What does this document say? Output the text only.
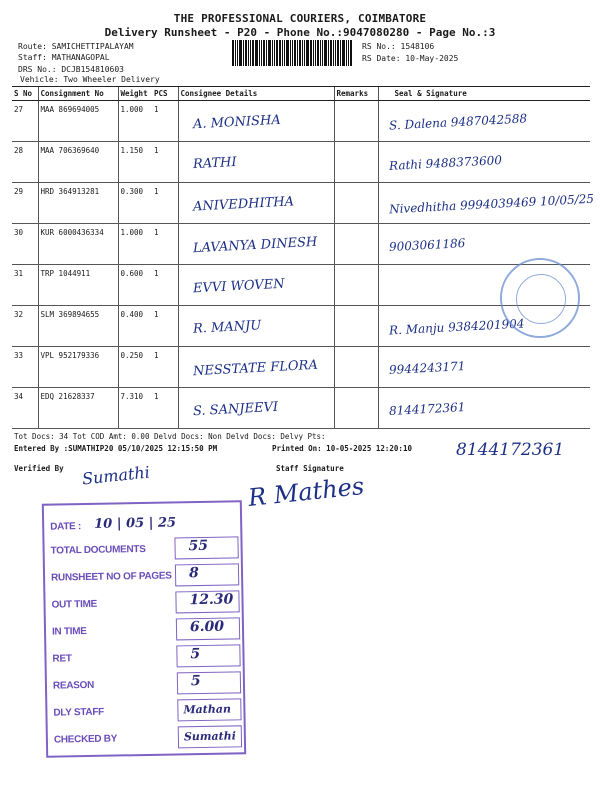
THE PROFESSIONAL COURIERS, COIMBATORE
Delivery Runsheet - P20 - Phone No.:9047080280 - Page No.:3
Route: SAMICHETTIPALAYAM
Staff: MATHANAGOPAL
DRS No.: DCJB154810603
Vehicle: Two Wheeler Delivery
RS No.: 1548106
RS Date: 10-May-2025
S No	Consignment No	Weight	PCS	Consignee Details	Remarks	Seal & Signature
27	MAA 869694005	1.000	1	A. MONISHA		S. Dalena 9487042588

28	MAA 706369640	1.150	1	RATHI		Rathi 9488373600

29	HRD 364913281	0.300	1	ANIVEDHITHA		Nivedhitha 9994039469 10/05/25

30	KUR 6000436334	1.000	1	LAVANYA DINESH		9003061186

31	TRP 1044911	0.600	1	EVVI WOVEN		

32	SLM 369894655	0.400	1	R. MANJU		R. Manju 9384201904

33	VPL 952179336	0.250	1	NESSTATE FLORA		9944243171

34	EDQ 21628337	7.310	1	S. SANJEEVI		8144172361
Tot Docs: 34 Tot COD Amt: 0.00 Delvd Docs: Non Delvd Docs: Delvy Pts:
Entered By :SUMATHIP20 05/10/2025 12:15:50 PM	Printed On: 10-05-2025 12:20:10
Verified By	Staff Signature
8144172361
Sumathi	R Mathes
DATE : 10 | 05 | 25
TOTAL DOCUMENTS	55
RUNSHEET NO OF PAGES 8
OUT TIME	12.30
IN TIME	6.00
RET	5
REASON	5
DLY STAFF	Mathan
CHECKED BY	Sumathi
